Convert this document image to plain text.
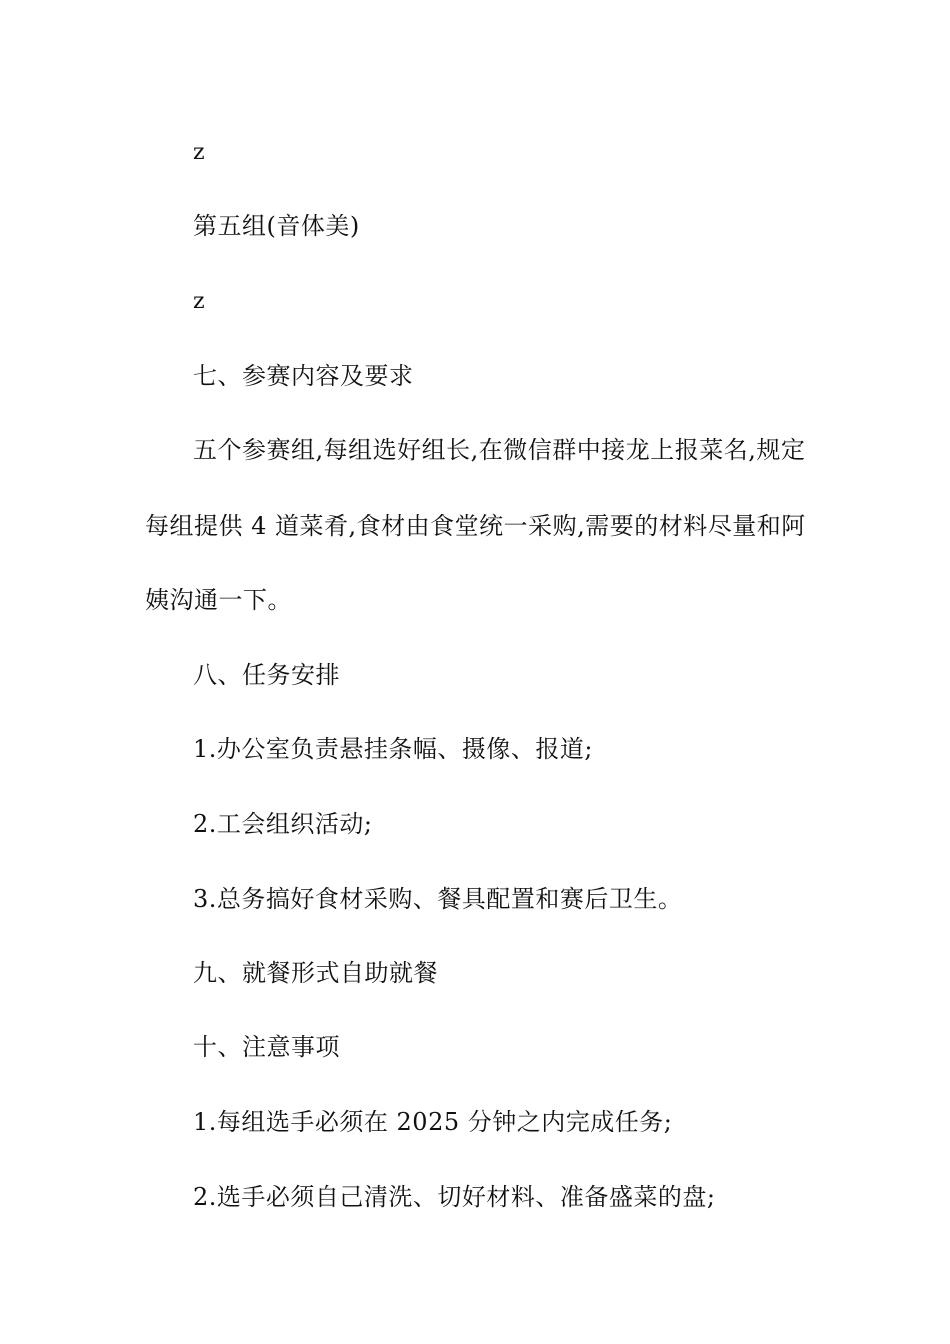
z

第五组(音体美)

z

七、参赛内容及要求

五个参赛组,每组选好组长,在微信群中接龙上报菜名,规定

每组提供 4 道菜肴,食材由食堂统一采购,需要的材料尽量和阿

姨沟通一下。

八、任务安排

1.办公室负责悬挂条幅、摄像、报道;

2.工会组织活动;

3.总务搞好食材采购、餐具配置和赛后卫生。

九、就餐形式自助就餐

十、注意事项

1.每组选手必须在 2025 分钟之内完成任务;

2.选手必须自己清洗、切好材料、准备盛菜的盘;
